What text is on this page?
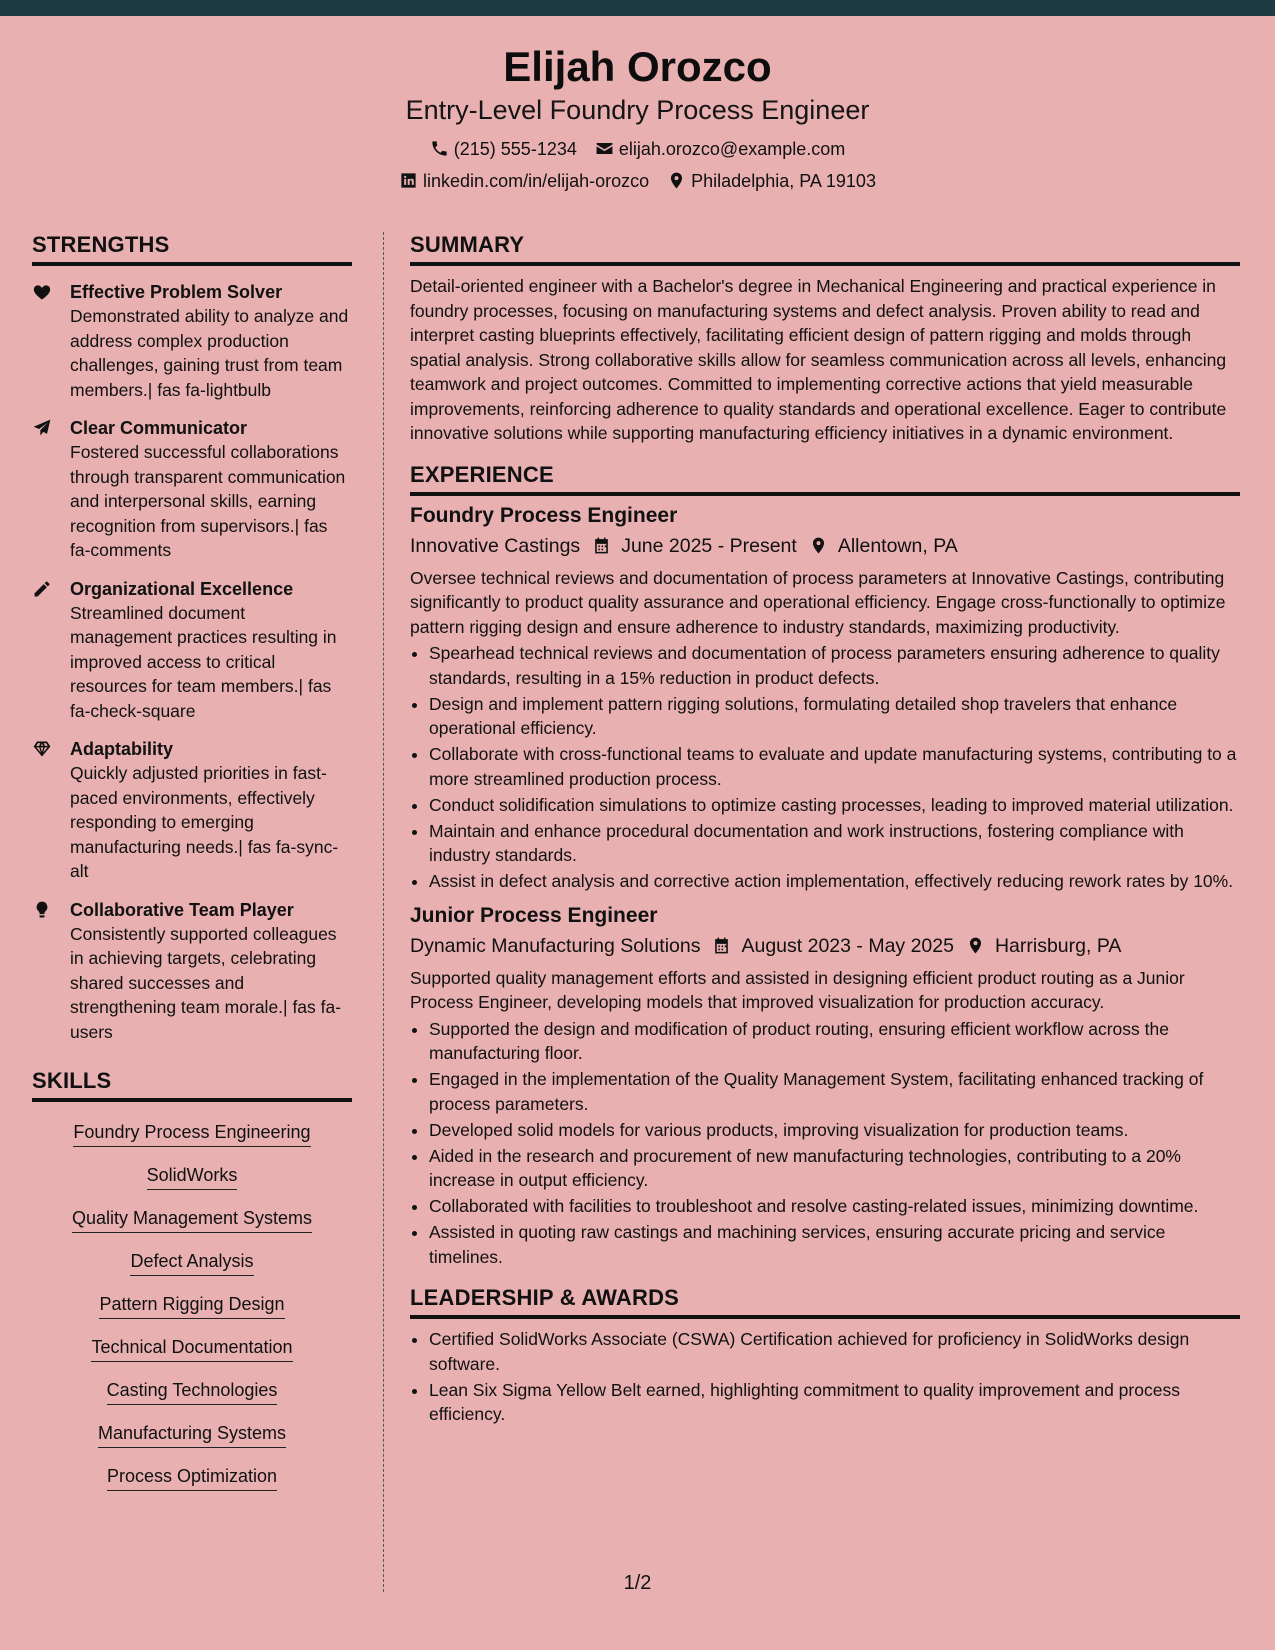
Elijah Orozco
Entry-Level Foundry Process Engineer
(215) 555-1234 elijah.orozco@example.com
linkedin.com/in/elijah-orozco Philadelphia, PA 19103
STRENGTHS
Effective Problem Solver
Demonstrated ability to analyze and address complex production challenges, gaining trust from team members.| fas fa-lightbulb
Clear Communicator
Fostered successful collaborations through transparent communication and interpersonal skills, earning recognition from supervisors.| fas fa-comments
Organizational Excellence
Streamlined document management practices resulting in improved access to critical resources for team members.| fas fa-check-square
Adaptability
Quickly adjusted priorities in fast-paced environments, effectively responding to emerging manufacturing needs.| fas fa-sync-alt
Collaborative Team Player
Consistently supported colleagues in achieving targets, celebrating shared successes and strengthening team morale.| fas fa-users
SKILLS
Foundry Process Engineering
SolidWorks
Quality Management Systems
Defect Analysis
Pattern Rigging Design
Technical Documentation
Casting Technologies
Manufacturing Systems
Process Optimization
SUMMARY

Detail-oriented engineer with a Bachelor's degree in Mechanical Engineering and practical experience in foundry processes, focusing on manufacturing systems and defect analysis. Proven ability to read and interpret casting blueprints effectively, facilitating efficient design of pattern rigging and molds through spatial analysis. Strong collaborative skills allow for seamless communication across all levels, enhancing teamwork and project outcomes. Committed to implementing corrective actions that yield measurable improvements, reinforcing adherence to quality standards and operational excellence. Eager to contribute innovative solutions while supporting manufacturing efficiency initiatives in a dynamic environment.

EXPERIENCE
Foundry Process Engineer
Innovative Castings June 2025 - Present Allentown, PA

Oversee technical reviews and documentation of process parameters at Innovative Castings, contributing significantly to product quality assurance and operational efficiency. Engage cross-functionally to optimize pattern rigging design and ensure adherence to industry standards, maximizing productivity.

• Spearhead technical reviews and documentation of process parameters ensuring adherence to quality standards, resulting in a 15% reduction in product defects.
• Design and implement pattern rigging solutions, formulating detailed shop travelers that enhance operational efficiency.
• Collaborate with cross-functional teams to evaluate and update manufacturing systems, contributing to a more streamlined production process.
• Conduct solidification simulations to optimize casting processes, leading to improved material utilization.
• Maintain and enhance procedural documentation and work instructions, fostering compliance with industry standards.
• Assist in defect analysis and corrective action implementation, effectively reducing rework rates by 10%.
Junior Process Engineer
Dynamic Manufacturing Solutions August 2023 - May 2025 Harrisburg, PA

Supported quality management efforts and assisted in designing efficient product routing as a Junior Process Engineer, developing models that improved visualization for production accuracy.

• Supported the design and modification of product routing, ensuring efficient workflow across the manufacturing floor.
• Engaged in the implementation of the Quality Management System, facilitating enhanced tracking of process parameters.
• Developed solid models for various products, improving visualization for production teams.
• Aided in the research and procurement of new manufacturing technologies, contributing to a 20% increase in output efficiency.
• Collaborated with facilities to troubleshoot and resolve casting-related issues, minimizing downtime.
• Assisted in quoting raw castings and machining services, ensuring accurate pricing and service timelines.
LEADERSHIP & AWARDS
• Certified SolidWorks Associate (CSWA) Certification achieved for proficiency in SolidWorks design software.
• Lean Six Sigma Yellow Belt earned, highlighting commitment to quality improvement and process efficiency.
1/2
